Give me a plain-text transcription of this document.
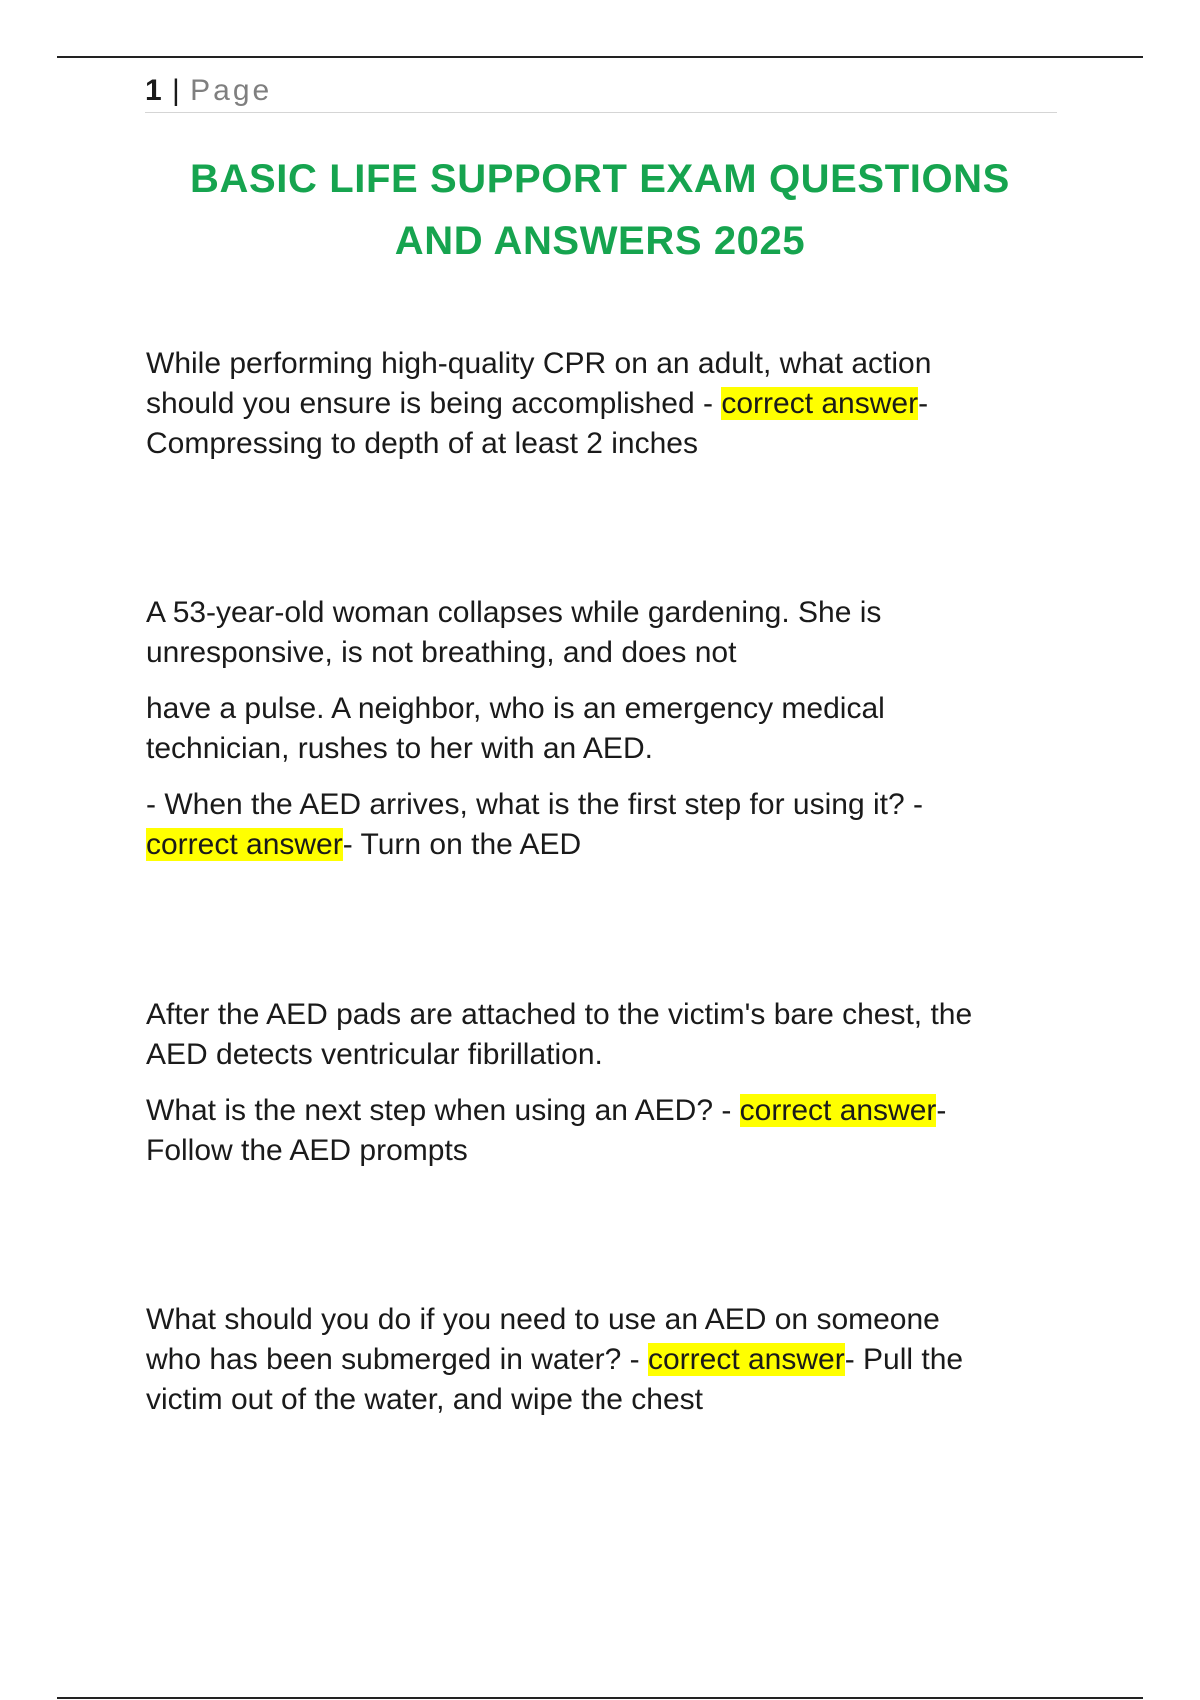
1 | Page
BASIC LIFE SUPPORT EXAM QUESTIONS
AND ANSWERS 2025

While performing high-quality CPR on an adult, what action
should you ensure is being accomplished - correct answer-
Compressing to depth of at least 2 inches

A 53-year-old woman collapses while gardening. She is
unresponsive, is not breathing, and does not

have a pulse. A neighbor, who is an emergency medical
technician, rushes to her with an AED.

- When the AED arrives, what is the first step for using it? -
correct answer- Turn on the AED

After the AED pads are attached to the victim's bare chest, the
AED detects ventricular fibrillation.

What is the next step when using an AED? - correct answer-
Follow the AED prompts

What should you do if you need to use an AED on someone
who has been submerged in water? - correct answer- Pull the
victim out of the water, and wipe the chest
